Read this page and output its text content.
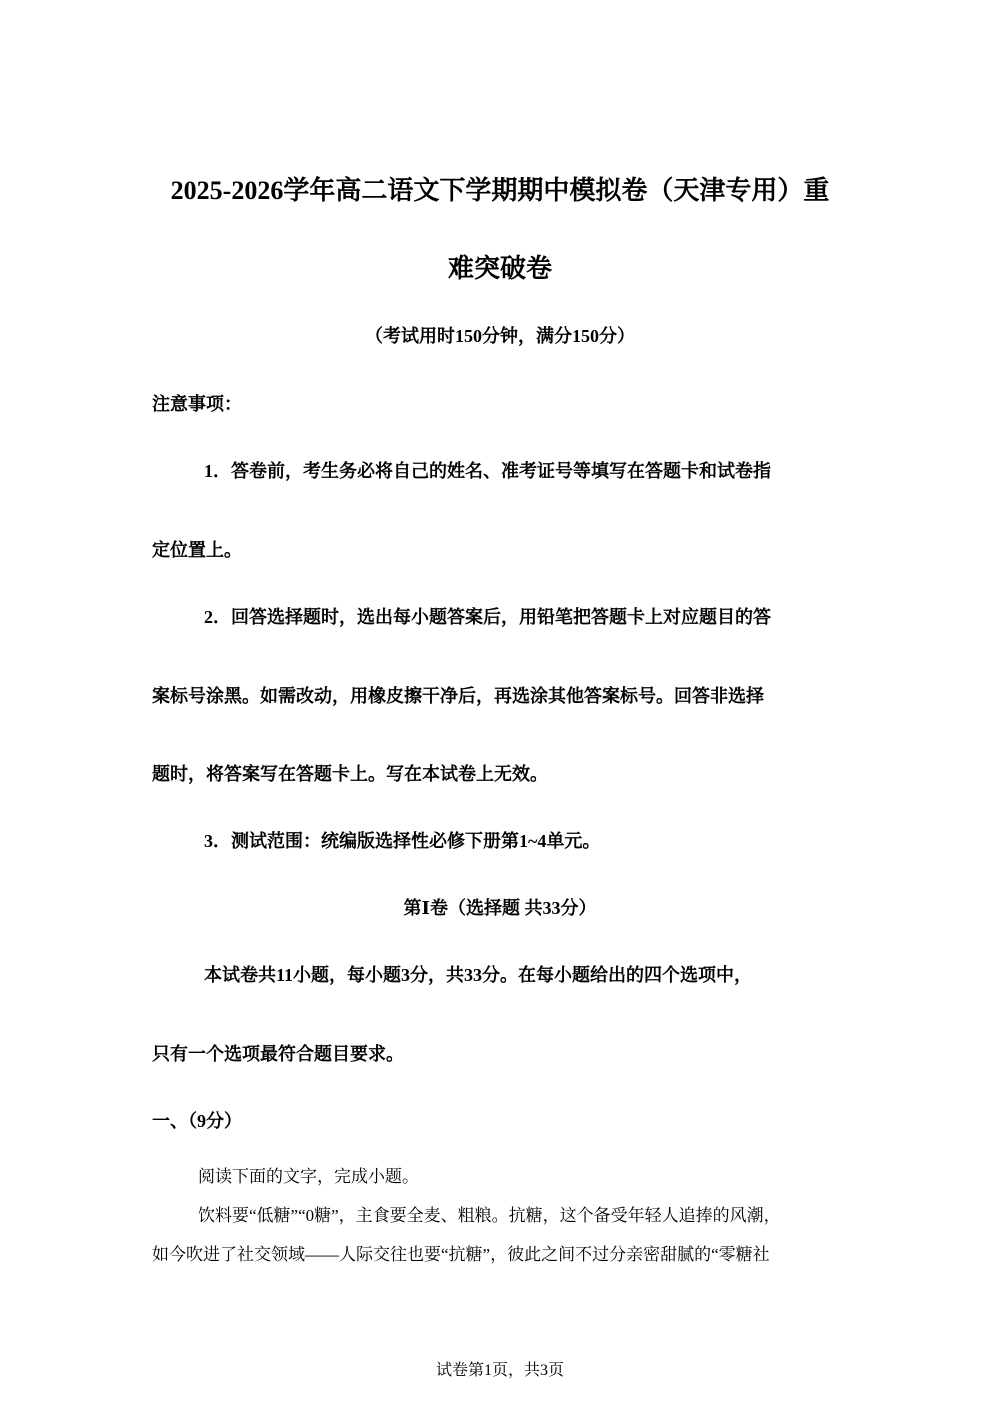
2025-2026学年高二语文下学期期中模拟卷（天津专用）重

难突破卷

（考试用时150分钟，满分150分）

注意事项：

1．答卷前，考生务必将自己的姓名、准考证号等填写在答题卡和试卷指

定位置上。

2．回答选择题时，选出每小题答案后，用铅笔把答题卡上对应题目的答

案标号涂黑。如需改动，用橡皮擦干净后，再选涂其他答案标号。回答非选择

题时，将答案写在答题卡上。写在本试卷上无效。

3．测试范围：统编版选择性必修下册第1~4单元。

第Ⅰ卷（选择题 共33分）

本试卷共11小题，每小题3分，共33分。在每小题给出的四个选项中，

只有一个选项最符合题目要求。

一、（9分）

阅读下面的文字，完成小题。

饮料要“低糖”“0糖”，主食要全麦、粗粮。抗糖，这个备受年轻人追捧的风潮，

如今吹进了社交领域——人际交往也要“抗糖”，彼此之间不过分亲密甜腻的“零糖社

试卷第1页，共3页
